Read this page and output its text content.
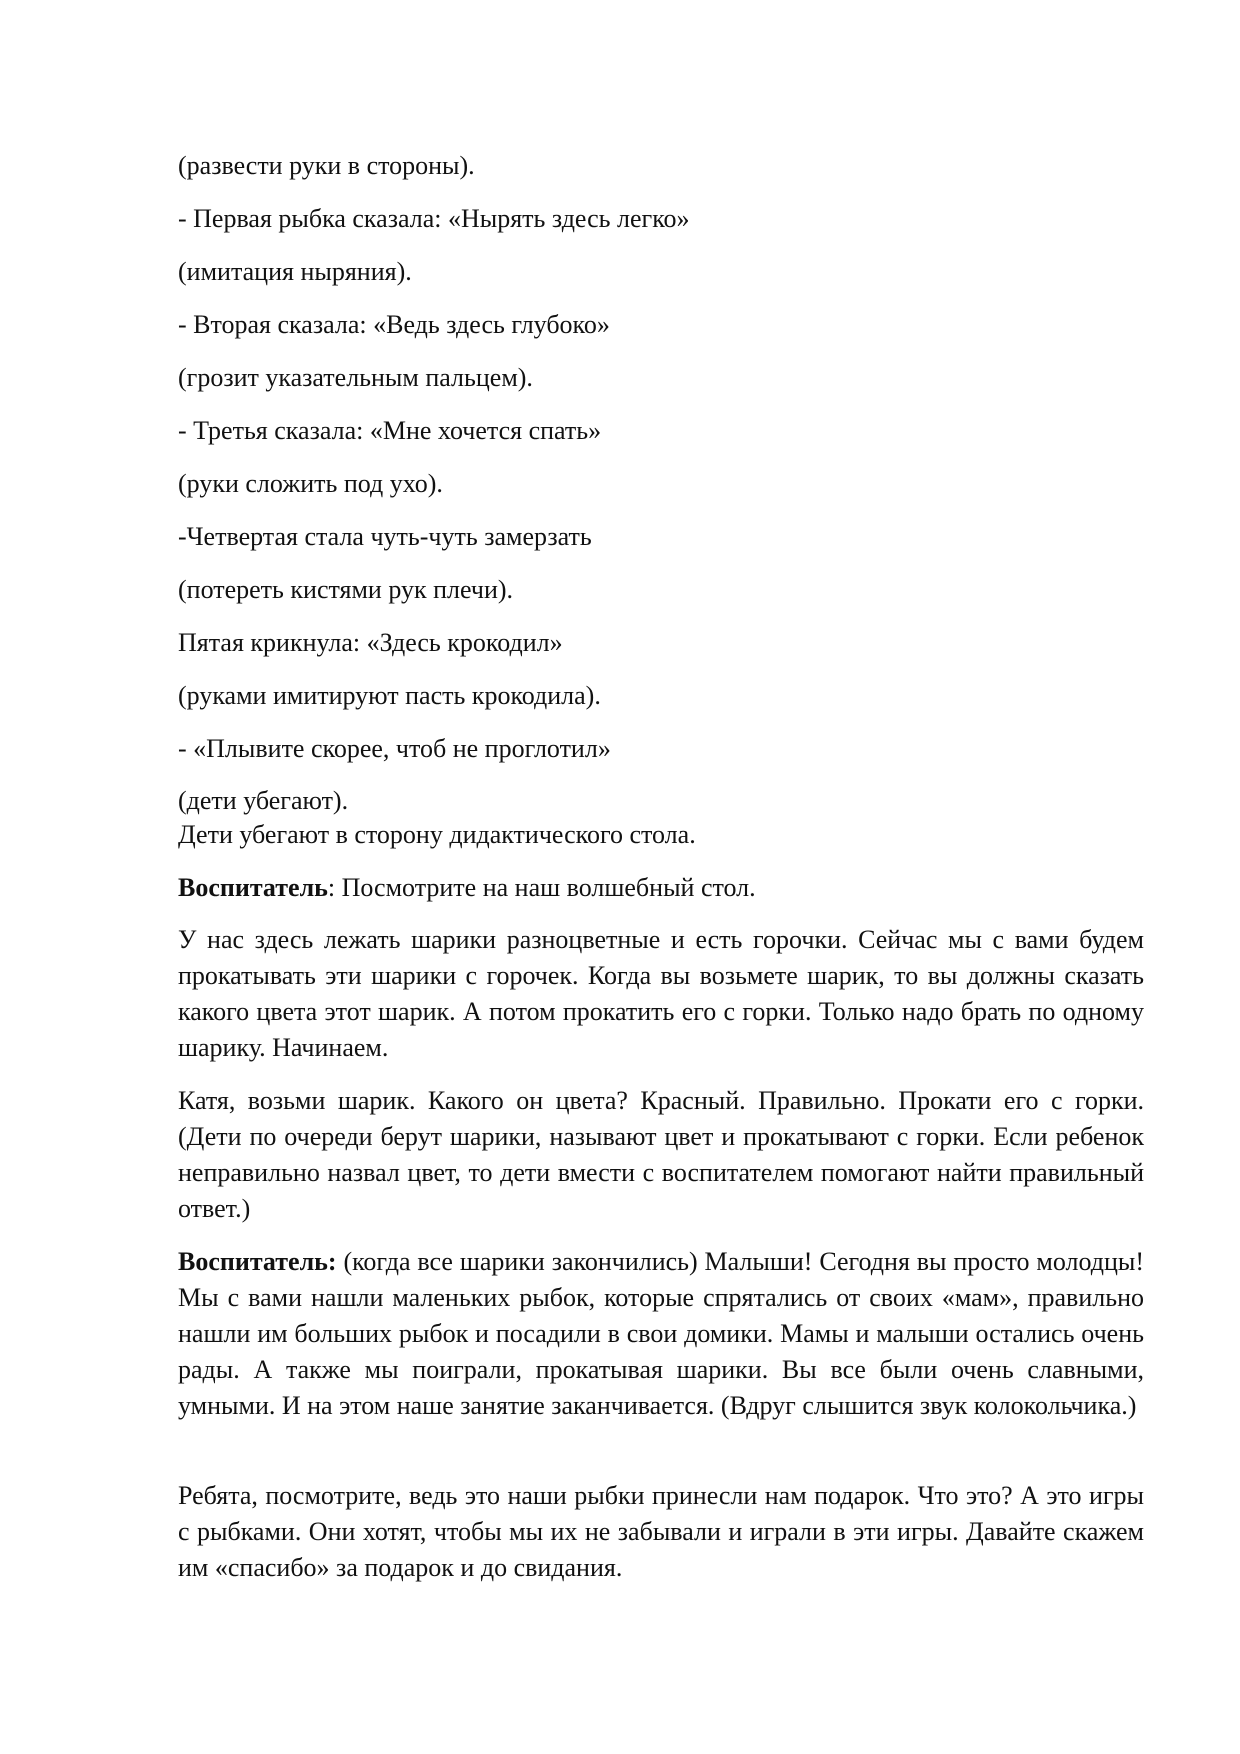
(развести руки в стороны).

- Первая рыбка сказала: «Нырять здесь легко»

(имитация ныряния).

- Вторая сказала: «Ведь здесь глубоко»

(грозит указательным пальцем).

- Третья сказала: «Мне хочется спать»

(руки сложить под ухо).

-Четвертая стала чуть-чуть замерзать

(потереть кистями рук плечи).

Пятая крикнула: «Здесь крокодил»

(руками имитируют пасть крокодила).

- «Плывите скорее, чтоб не проглотил»

(дети убегают).

Дети убегают в сторону дидактического стола.

Воспитатель: Посмотрите на наш волшебный стол.

У нас здесь лежать шарики разноцветные и есть горочки. Сейчас мы с вами будем прокатывать эти шарики с горочек. Когда вы возьмете шарик, то вы должны сказать какого цвета этот шарик. А потом прокатить его с горки. Только надо брать по одному шарику. Начинаем.

Катя, возьми шарик. Какого он цвета? Красный. Правильно. Прокати его с горки. (Дети по очереди берут шарики, называют цвет и прокатывают с горки. Если ребенок неправильно назвал цвет, то дети вмести с воспитателем помогают найти правильный ответ.)

Воспитатель: (когда все шарики закончились) Малыши! Сегодня вы просто молодцы! Мы с вами нашли маленьких рыбок, которые спрятались от своих «мам», правильно нашли им больших рыбок и посадили в свои домики. Мамы и малыши остались очень рады. А также мы поиграли, прокатывая шарики. Вы все были очень славными, умными. И на этом наше занятие заканчивается. (Вдруг слышится звук колокольчика.)

Ребята, посмотрите, ведь это наши рыбки принесли нам подарок. Что это? А это игры с рыбками. Они хотят, чтобы мы их не забывали и играли в эти игры. Давайте скажем им «спасибо» за подарок и до свидания.
